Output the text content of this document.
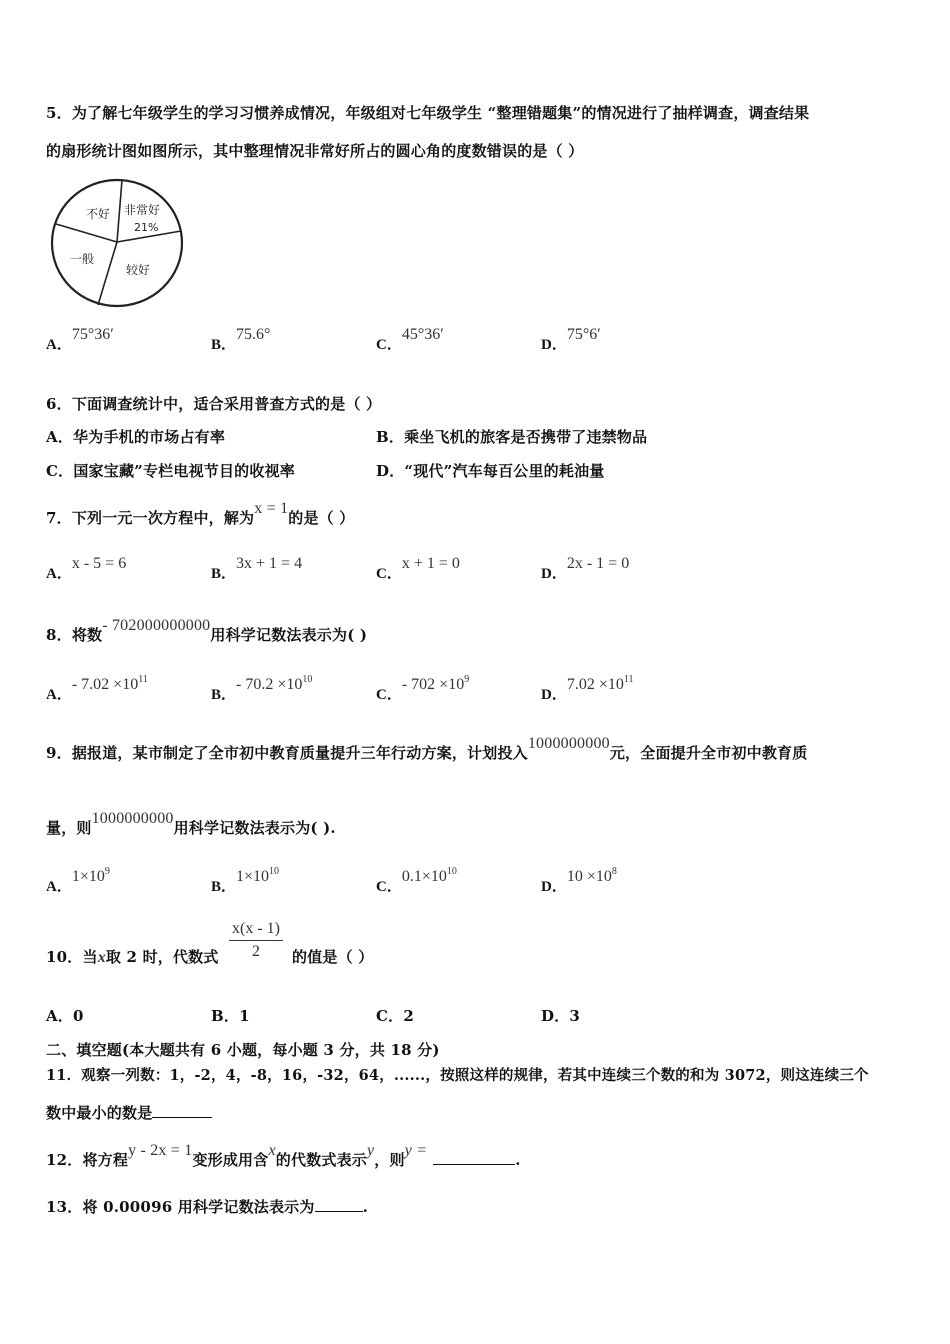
5．为了解七年级学生的学习习惯养成情况，年级组对七年级学生 “整理错题集”的情况进行了抽样调查，调查结果
的扇形统计图如图所示，其中整理情况非常好所占的圆心角的度数错误的是（ ）
不好 非常好
21%
一般
较好
A．75°36′
B．75.6°
C．45°36′
D．75°6′
6．下面调查统计中，适合采用普查方式的是（ ）
A．华为手机的市场占有率	B．乘坐飞机的旅客是否携带了违禁物品
C．国家宝藏”专栏电视节目的收视率	D．“现代”汽车每百公里的耗油量
7．下列一元一次方程中，解为x = 1的是（ ）
A．x - 5 = 6
B．3x + 1 = 4
C．x + 1 = 0
D．2x - 1 = 0
8．将数- 702000000000用科学记数法表示为( )
A．- $7.02 \times 10^{11}$
B．- $70.2 \times 10^{10}$
C．- $702 \times 10^9$
D．$7.02 \times 10^{11}$
9．据报道，某市制定了全市初中教育质量提升三年行动方案，计划投入1000000000元，全面提升全市初中教育质
量，则1000000000用科学记数法表示为( ).
A．$1\times 10^9$
B．$1\times 10^{10}$
C．$0.1\times 10^{10}$
D．$10 \times 10^8$
10．当x取 2 时，代数式 $\frac{x(x - 1)}{2}$ 的值是（ ）
A．0	B．1	C．2	D．3
二、填空题(本大题共有 6 小题，每小题 3 分，共 18 分)
11．观察一列数：1，-2，4，-8，16，-32，64，......，按照这样的规律，若其中连续三个数的和为 3072，则这连续三个
数中最小的数是
12．将方程y - 2x = 1变形成用含x的代数式表示y，则y =.
13．将 0.00096 用科学记数法表示为	.
